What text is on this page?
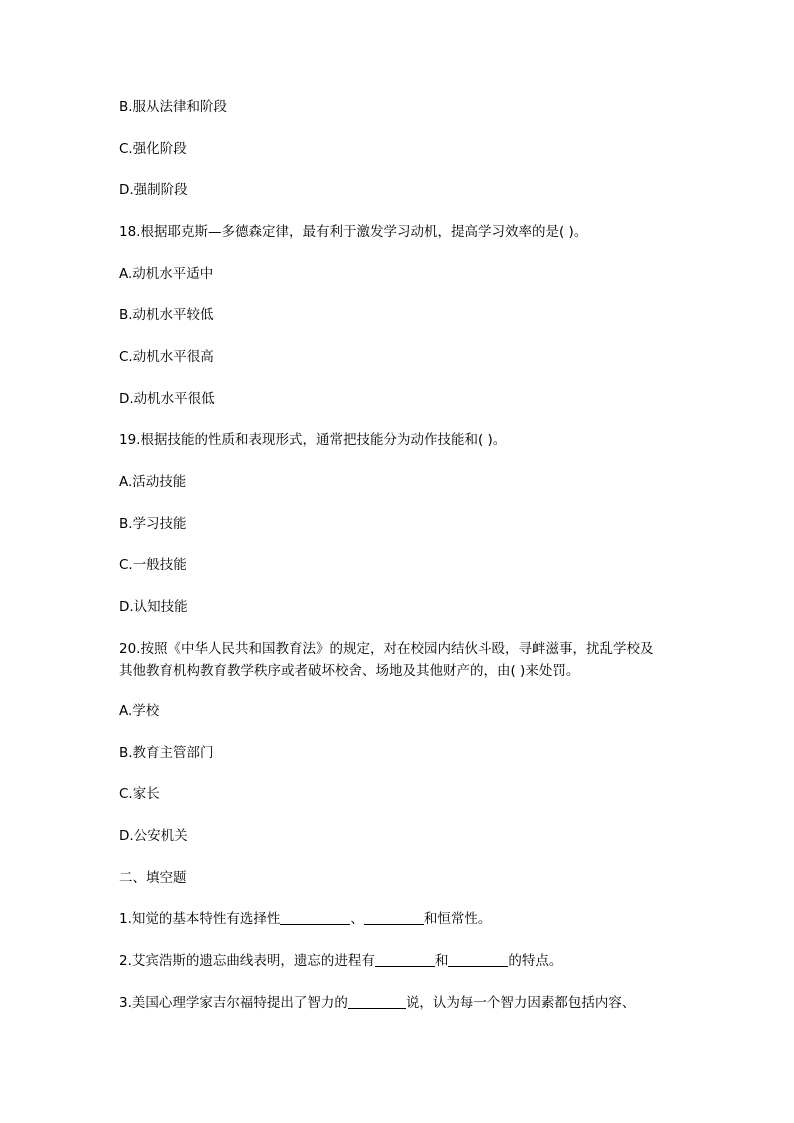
B.服从法律和阶段
C.强化阶段
D.强制阶段
18.根据耶克斯—多德森定律，最有利于激发学习动机，提高学习效率的是( )。
A.动机水平适中
B.动机水平较低
C.动机水平很高
D.动机水平很低
19.根据技能的性质和表现形式，通常把技能分为动作技能和( )。
A.活动技能
B.学习技能
C.一般技能
D.认知技能
20.按照《中华人民共和国教育法》的规定，对在校园内结伙斗殴，寻衅滋事，扰乱学校及
其他教育机构教育教学秩序或者破坏校舍、场地及其他财产的，由( )来处罚。
A.学校
B.教育主管部门
C.家长
D.公安机关
二、填空题
1.知觉的基本特性有选择性	、	和恒常性。
2.艾宾浩斯的遗忘曲线表明，遗忘的进程有	和	的特点。
3.美国心理学家吉尔福特提出了智力的	说，认为每一个智力因素都包括内容、
